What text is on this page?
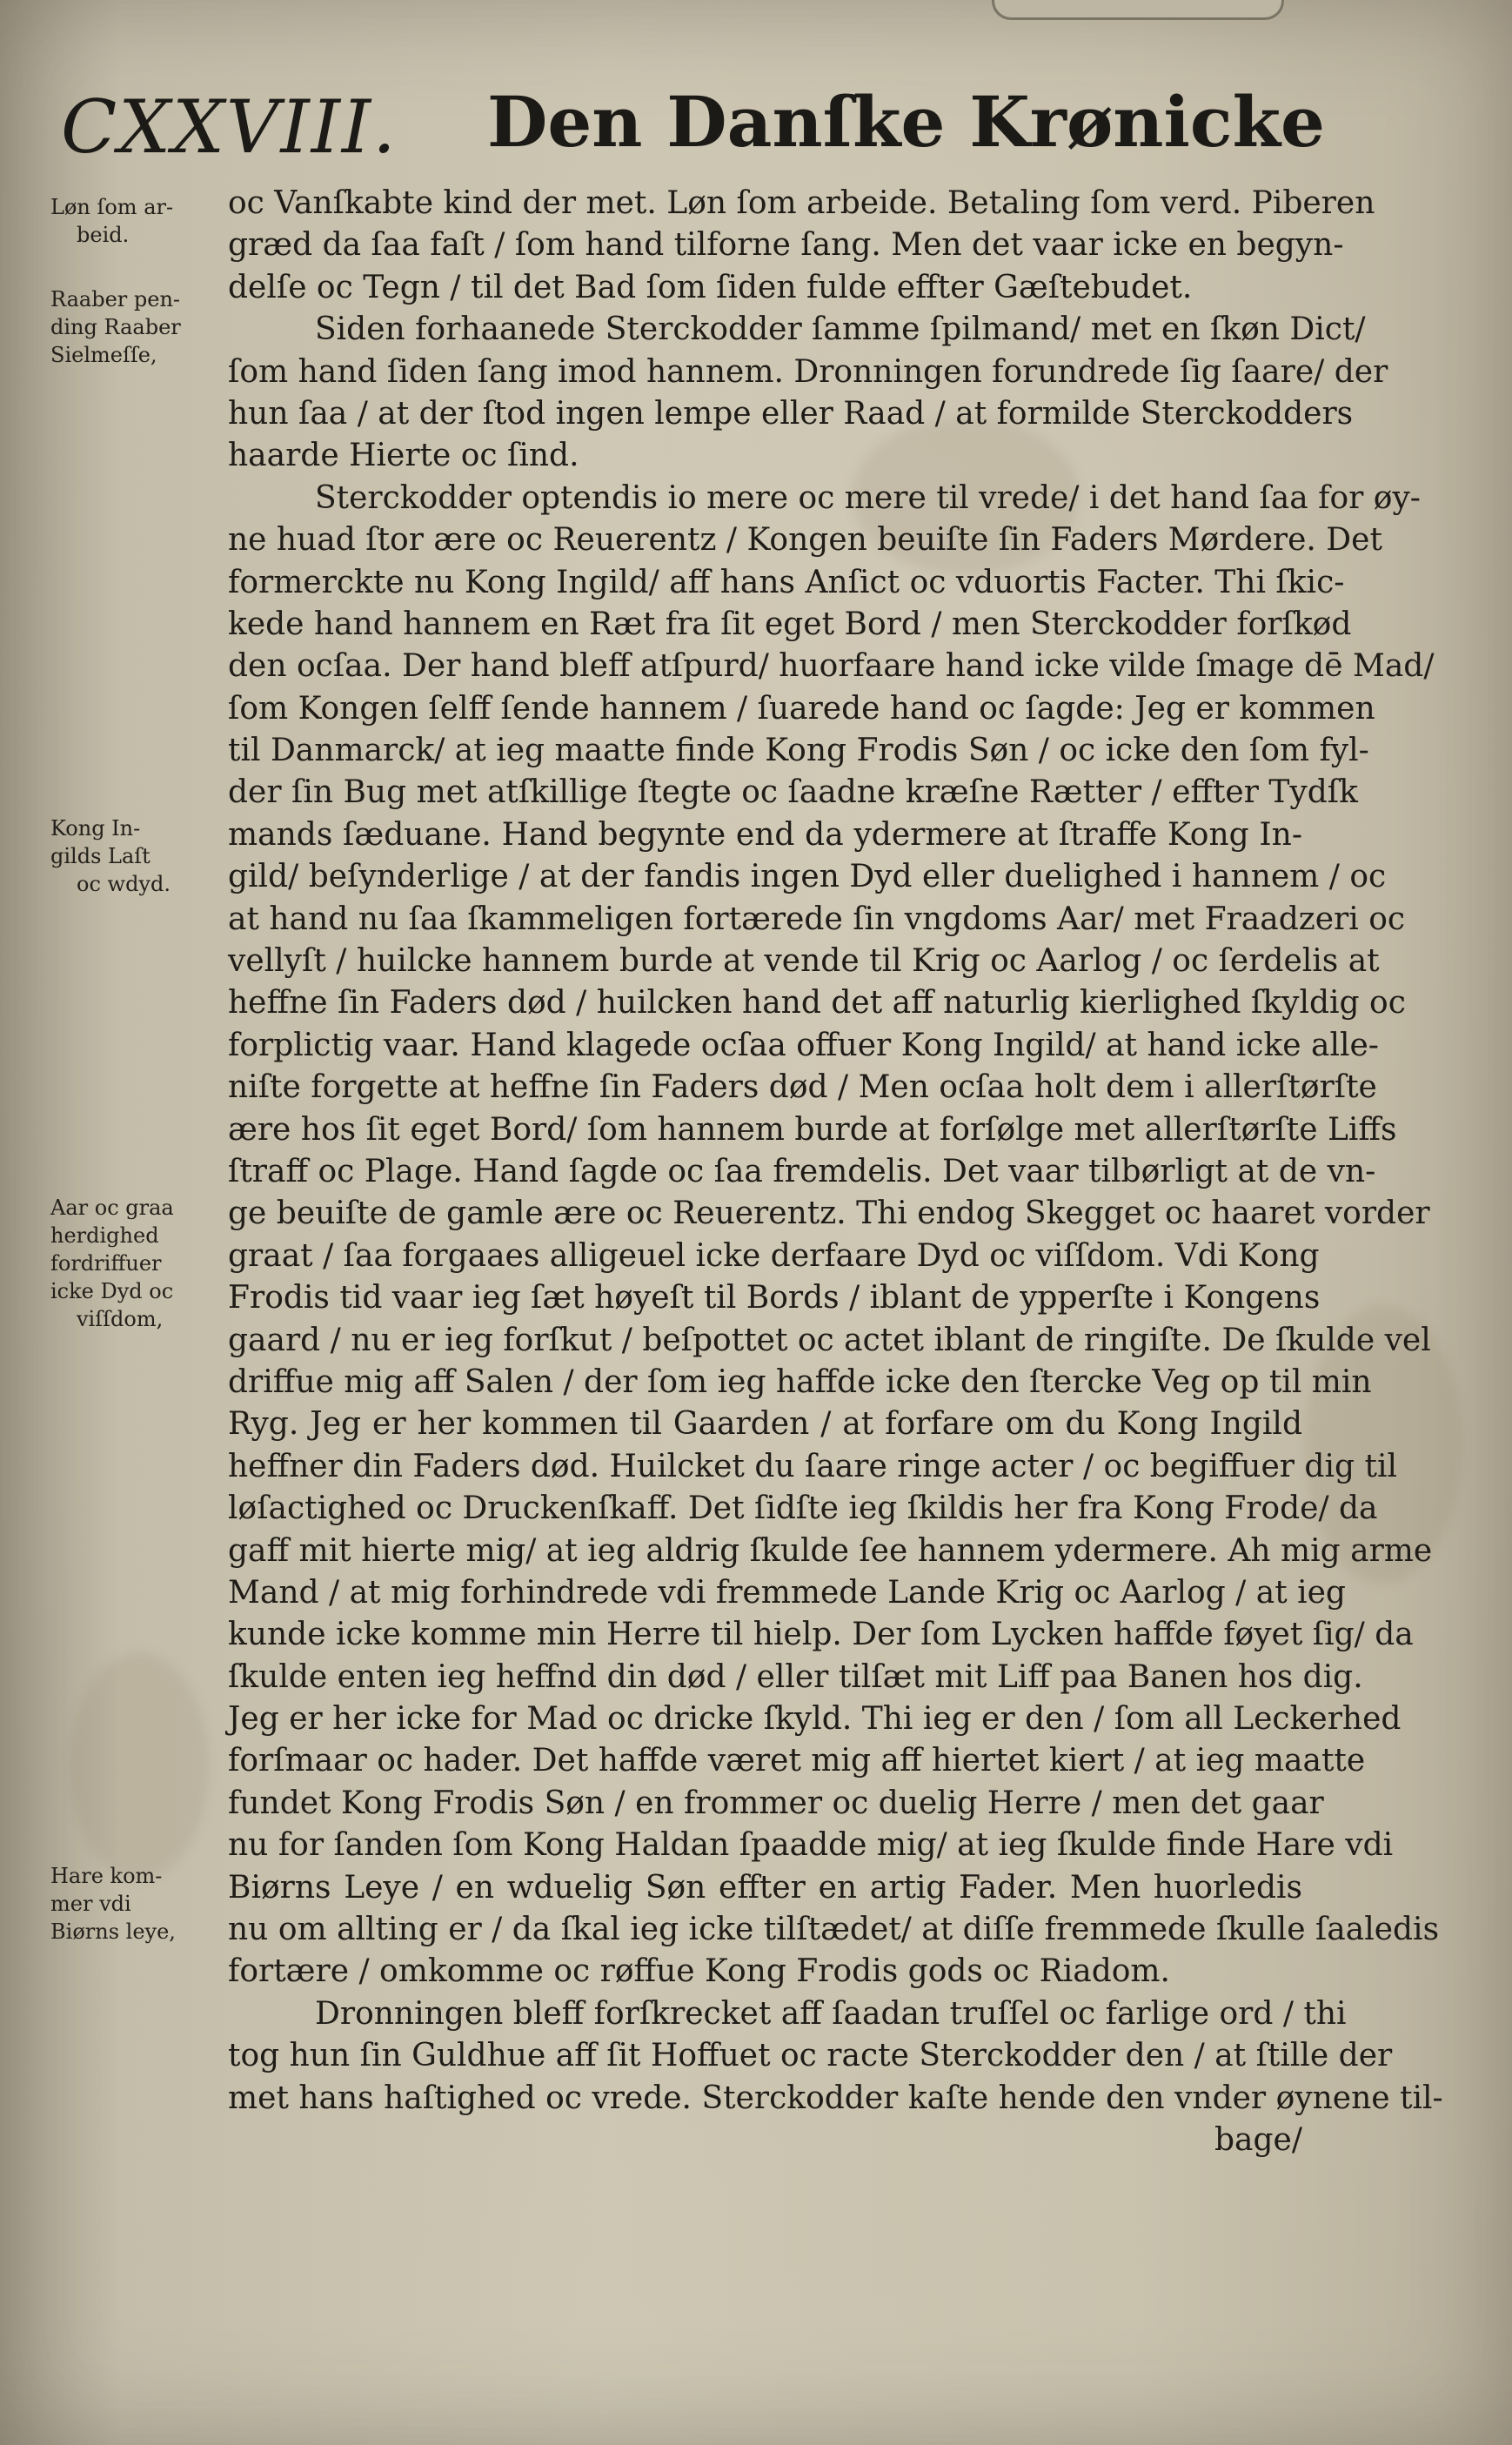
CXXVIII. Den Danſke Krønicke
Løn ſom ar-
beid.
Raaber pen-
ding Raaber
Sielmeſſe,
Kong In-
gilds Laſt
oc wdyd.
Aar oc graa
herdighed
fordriffuer
icke Dyd oc
viſſdom,
Hare kom-
mer vdi
Biørns leye,
oc Vanſkabte kind der met. Løn ſom arbeide. Betaling ſom verd. Piberen
græd da ſaa faſt / ſom hand tilforne ſang. Men det vaar icke en begyn-
delſe oc Tegn / til det Bad ſom ſiden fulde effter Gæſtebudet.
Siden forhaanede Sterckodder ſamme ſpilmand/ met en ſkøn Dict/
ſom hand ſiden ſang imod hannem. Dronningen forundrede ſig ſaare/ der
hun ſaa / at der ſtod ingen lempe eller Raad / at formilde Sterckodders
haarde Hierte oc ſind.
Sterckodder optendis io mere oc mere til vrede/ i det hand ſaa for øy-
ne huad ſtor ære oc Reuerentz / Kongen beuiſte ſin Faders Mørdere. Det
formerckte nu Kong Ingild/ aff hans Anſict oc vduortis Facter. Thi ſkic-
kede hand hannem en Ræt fra ſit eget Bord / men Sterckodder forſkød
den ocſaa. Der hand bleff atſpurd/ huorfaare hand icke vilde ſmage dē Mad/
ſom Kongen ſelff ſende hannem / ſuarede hand oc ſagde: Jeg er kommen
til Danmarck/ at ieg maatte finde Kong Frodis Søn / oc icke den ſom fyl-
der ſin Bug met atſkillige ſtegte oc ſaadne kræſne Rætter / effter Tydſk
mands ſæduane. Hand begynte end da ydermere at ſtraffe Kong In-
gild/ beſynderlige / at der fandis ingen Dyd eller duelighed i hannem / oc
at hand nu ſaa ſkammeligen fortærede ſin vngdoms Aar/ met Fraadzeri oc
vellyſt / huilcke hannem burde at vende til Krig oc Aarlog / oc ſerdelis at
heffne ſin Faders død / huilcken hand det aff naturlig kierlighed ſkyldig oc
forplictig vaar. Hand klagede ocſaa offuer Kong Ingild/ at hand icke alle-
niſte forgette at heffne ſin Faders død / Men ocſaa holt dem i allerſtørſte
ære hos ſit eget Bord/ ſom hannem burde at forſølge met allerſtørſte Liffs
ſtraff oc Plage. Hand ſagde oc ſaa fremdelis. Det vaar tilbørligt at de vn-
ge beuiſte de gamle ære oc Reuerentz. Thi endog Skegget oc haaret vorder
graat / ſaa forgaaes alligeuel icke derfaare Dyd oc viſſdom. Vdi Kong
Frodis tid vaar ieg ſæt høyeſt til Bords / iblant de ypperſte i Kongens
gaard / nu er ieg forſkut / beſpottet oc actet iblant de ringiſte. De ſkulde vel
driffue mig aff Salen / der ſom ieg haffde icke den ſtercke Veg op til min
Ryg. Jeg er her kommen til Gaarden / at forfare om du Kong Ingild
heffner din Faders død. Huilcket du ſaare ringe acter / oc begiffuer dig til
løſactighed oc Druckenſkaff. Det ſidſte ieg ſkildis her fra Kong Frode/ da
gaff mit hierte mig/ at ieg aldrig ſkulde ſee hannem ydermere. Ah mig arme
Mand / at mig forhindrede vdi fremmede Lande Krig oc Aarlog / at ieg
kunde icke komme min Herre til hielp. Der ſom Lycken haffde føyet ſig/ da
ſkulde enten ieg heffnd din død / eller tilſæt mit Liff paa Banen hos dig.
Jeg er her icke for Mad oc dricke ſkyld. Thi ieg er den / ſom all Leckerhed
forſmaar oc hader. Det haffde været mig aff hiertet kiert / at ieg maatte
fundet Kong Frodis Søn / en frommer oc duelig Herre / men det gaar
nu for ſanden ſom Kong Haldan ſpaadde mig/ at ieg ſkulde finde Hare vdi
Biørns Leye / en wduelig Søn effter en artig Fader. Men huorledis
nu om allting er / da ſkal ieg icke tilſtædet/ at diſſe fremmede ſkulle ſaaledis
fortære / omkomme oc røffue Kong Frodis gods oc Riadom.
Dronningen bleff forſkrecket aff ſaadan truſſel oc farlige ord / thi
tog hun ſin Guldhue aff ſit Hoffuet oc racte Sterckodder den / at ſtille der
met hans haſtighed oc vrede. Sterckodder kaſte hende den vnder øynene til-
bage/
